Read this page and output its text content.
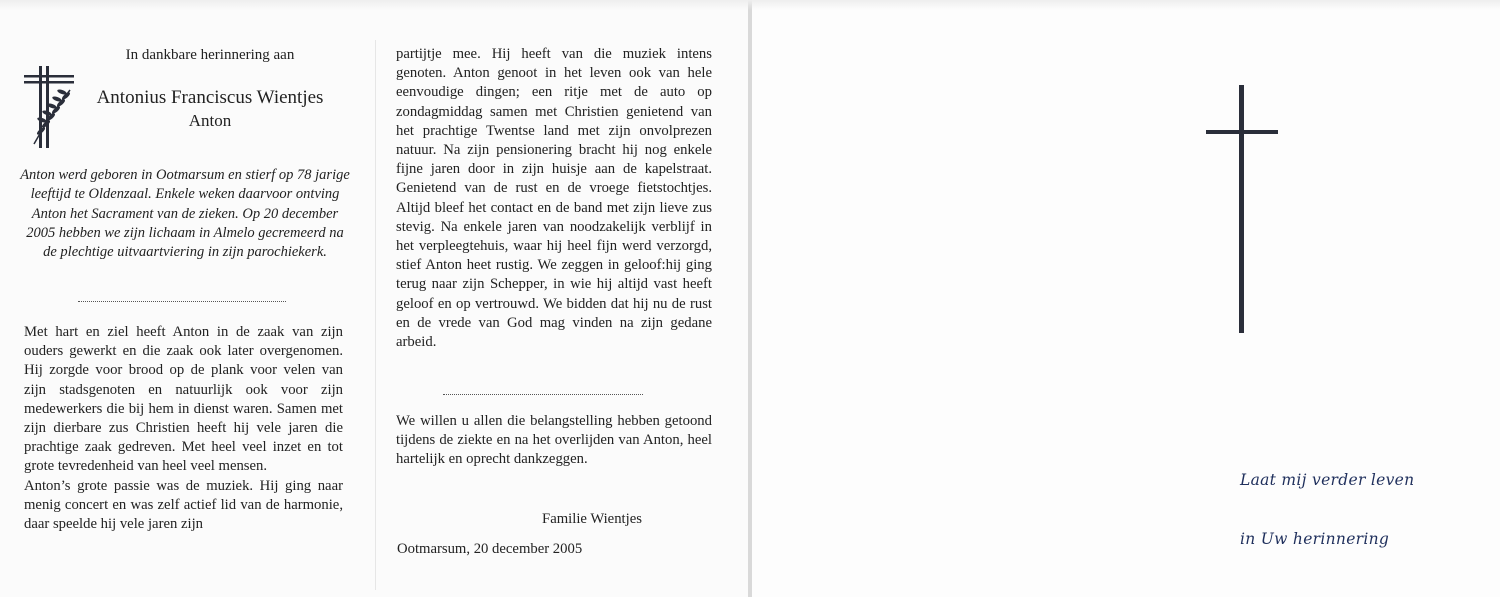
In dankbare herinnering aan
Antonius Franciscus Wientjes
Anton

Anton werd geboren in Ootmarsum en stierf op 78 jarige leeftijd te Oldenzaal. Enkele weken daarvoor ontving Anton het Sacrament van de zieken. Op 20 december 2005 hebben we zijn lichaam in Almelo gecremeerd na de plechtige uitvaartviering in zijn parochiekerk.

Met hart en ziel heeft Anton in de zaak van zijn ouders gewerkt en die zaak ook later overgenomen. Hij zorgde voor brood op de plank voor velen van zijn stadsgenoten en natuurlijk ook voor zijn medewerkers die bij hem in dienst waren. Samen met zijn dierbare zus Christien heeft hij vele jaren die prachtige zaak gedreven. Met heel veel inzet en tot grote tevredenheid van heel veel mensen.
Anton’s grote passie was de muziek. Hij ging naar menig concert en was zelf actief lid van de harmonie, daar speelde hij vele jaren zijn

partijtje mee. Hij heeft van die muziek intens genoten. Anton genoot in het leven ook van hele eenvoudige dingen; een ritje met de auto op zondagmiddag samen met Christien genietend van het prachtige Twentse land met zijn onvolprezen natuur. Na zijn pensionering bracht hij nog enkele fijne jaren door in zijn huisje aan de kapelstraat. Genietend van de rust en de vroege fietstochtjes. Altijd bleef het contact en de band met zijn lieve zus stevig. Na enkele jaren van noodzakelijk verblijf in het verpleegtehuis, waar hij heel fijn werd verzorgd, stief Anton heet rustig. We zeggen in geloof:hij ging terug naar zijn Schepper, in wie hij altijd vast heeft geloof en op vertrouwd. We bidden dat hij nu de rust en de vrede van God mag vinden na zijn gedane arbeid.

We willen u allen die belangstelling hebben getoond tijdens de ziekte en na het overlijden van Anton, heel hartelijk en oprecht dankzeggen.

Familie Wientjes
Ootmarsum, 20 december 2005
Laat mij verder leven
in Uw herinnering
